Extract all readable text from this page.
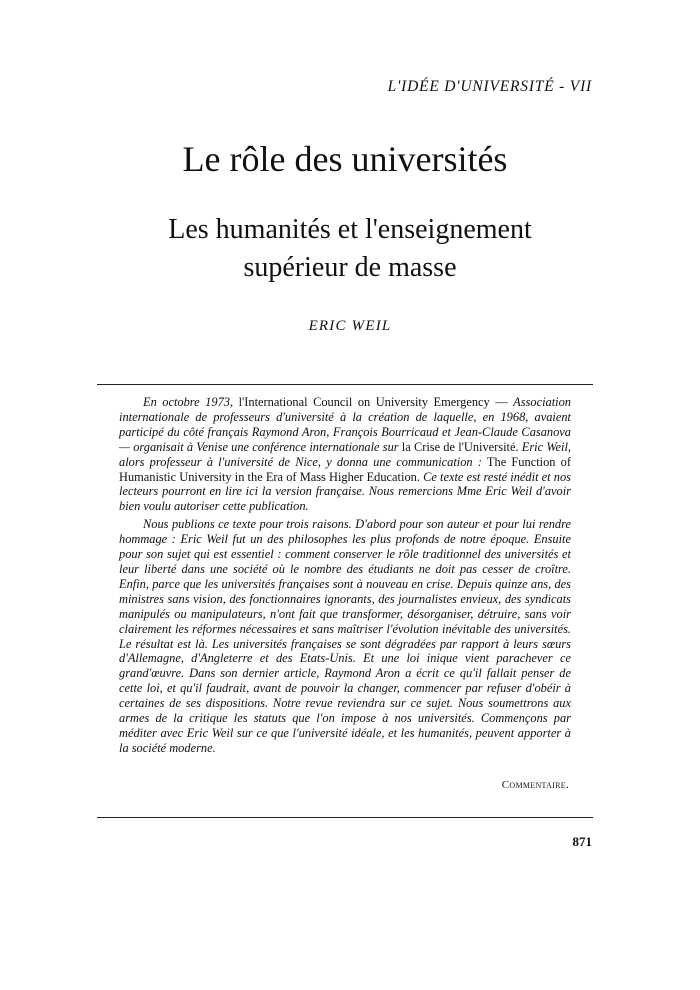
L'IDÉE D'UNIVERSITÉ - VII
Le rôle des universités
Les humanités et l'enseignement
supérieur de masse
ERIC WEIL

En octobre 1973, l'International Council on University Emergency — Association internationale de professeurs d'université à la création de laquelle, en 1968, avaient participé du côté français Raymond Aron, François Bourricaud et Jean-Claude Casanova — organisait à Venise une conférence internationale sur la Crise de l'Université. Eric Weil, alors professeur à l'université de Nice, y donna une communication : The Function of Humanistic University in the Era of Mass Higher Education. Ce texte est resté inédit et nos lecteurs pourront en lire ici la version française. Nous remercions Mme Eric Weil d'avoir bien voulu autoriser cette publication.

Nous publions ce texte pour trois raisons. D'abord pour son auteur et pour lui rendre hommage : Eric Weil fut un des philosophes les plus profonds de notre époque. Ensuite pour son sujet qui est essentiel : comment conserver le rôle traditionnel des universités et leur liberté dans une société où le nombre des étudiants ne doit pas cesser de croître. Enfin, parce que les universités françaises sont à nouveau en crise. Depuis quinze ans, des ministres sans vision, des fonctionnaires ignorants, des journalistes envieux, des syndicats manipulés ou manipulateurs, n'ont fait que transformer, désorganiser, détruire, sans voir clairement les réformes nécessaires et sans maîtriser l'évolution inévitable des universités. Le résultat est là. Les universités françaises se sont dégradées par rapport à leurs sœurs d'Allemagne, d'Angleterre et des Etats-Unis. Et une loi inique vient parachever ce grand'œuvre. Dans son dernier article, Raymond Aron a écrit ce qu'il fallait penser de cette loi, et qu'il faudrait, avant de pouvoir la changer, commencer par refuser d'obéir à certaines de ses dispositions. Notre revue reviendra sur ce sujet. Nous soumettrons aux armes de la critique les statuts que l'on impose à nos universités. Commençons par méditer avec Eric Weil sur ce que l'université idéale, et les humanités, peuvent apporter à la société moderne.

Commentaire.
871
